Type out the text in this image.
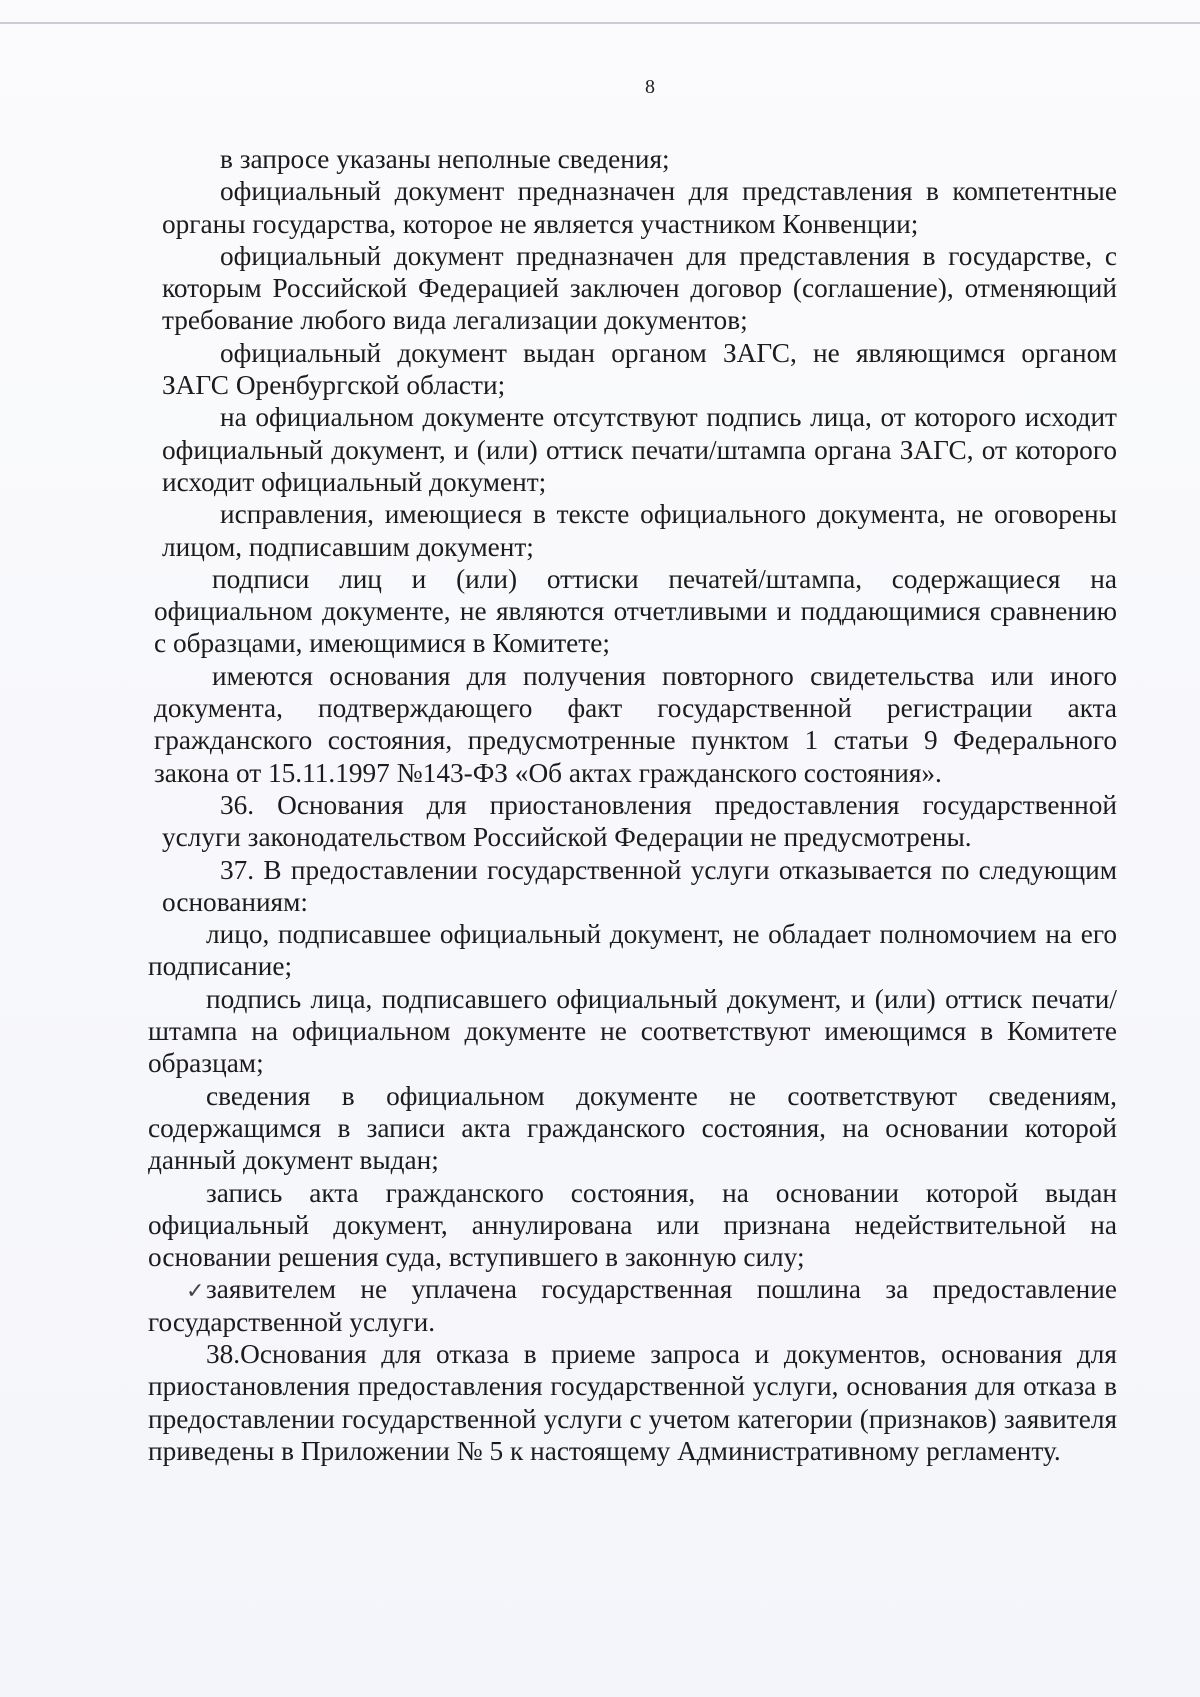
8

в запросе указаны неполные сведения;

официальный документ предназначен для представления в компетентные органы государства, которое не является участником Конвенции;

официальный документ предназначен для представления в государстве, с которым Российской Федерацией заключен договор (соглашение), отменяющий требование любого вида легализации документов;

официальный документ выдан органом ЗАГС, не являющимся органом ЗАГС Оренбургской области;

на официальном документе отсутствуют подпись лица, от которого исходит официальный документ, и (или) оттиск печати/штампа органа ЗАГС, от которого исходит официальный документ;

исправления, имеющиеся в тексте официального документа, не оговорены лицом, подписавшим документ;

подписи лиц и (или) оттиски печатей/штампа, содержащиеся на официальном документе, не являются отчетливыми и поддающимися сравнению с образцами, имеющимися в Комитете;

имеются основания для получения повторного свидетельства или иного документа, подтверждающего факт государственной регистрации акта гражданского состояния, предусмотренные пунктом 1 статьи 9 Федерального закона от 15.11.1997 №143-ФЗ «Об актах гражданского состояния».

36. Основания для приостановления предоставления государственной услуги законодательством Российской Федерации не предусмотрены.

37. В предоставлении государственной услуги отказывается по следующим основаниям:

лицо, подписавшее официальный документ, не обладает полномочием на его подписание;

подпись лица, подписавшего официальный документ, и (или) оттиск печати/штампа на официальном документе не соответствуют имеющимся в Комитете образцам;

сведения в официальном документе не соответствуют сведениям, содержащимся в записи акта гражданского состояния, на основании которой данный документ выдан;

запись акта гражданского состояния, на основании которой выдан официальный документ, аннулирована или признана недействительной на основании решения суда, вступившего в законную силу;

✓ заявителем не уплачена государственная пошлина за предоставление государственной услуги.

38.Основания для отказа в приеме запроса и документов, основания для приостановления предоставления государственной услуги, основания для отказа в предоставлении государственной услуги с учетом категории (признаков) заявителя приведены в Приложении № 5 к настоящему Административному регламенту.
